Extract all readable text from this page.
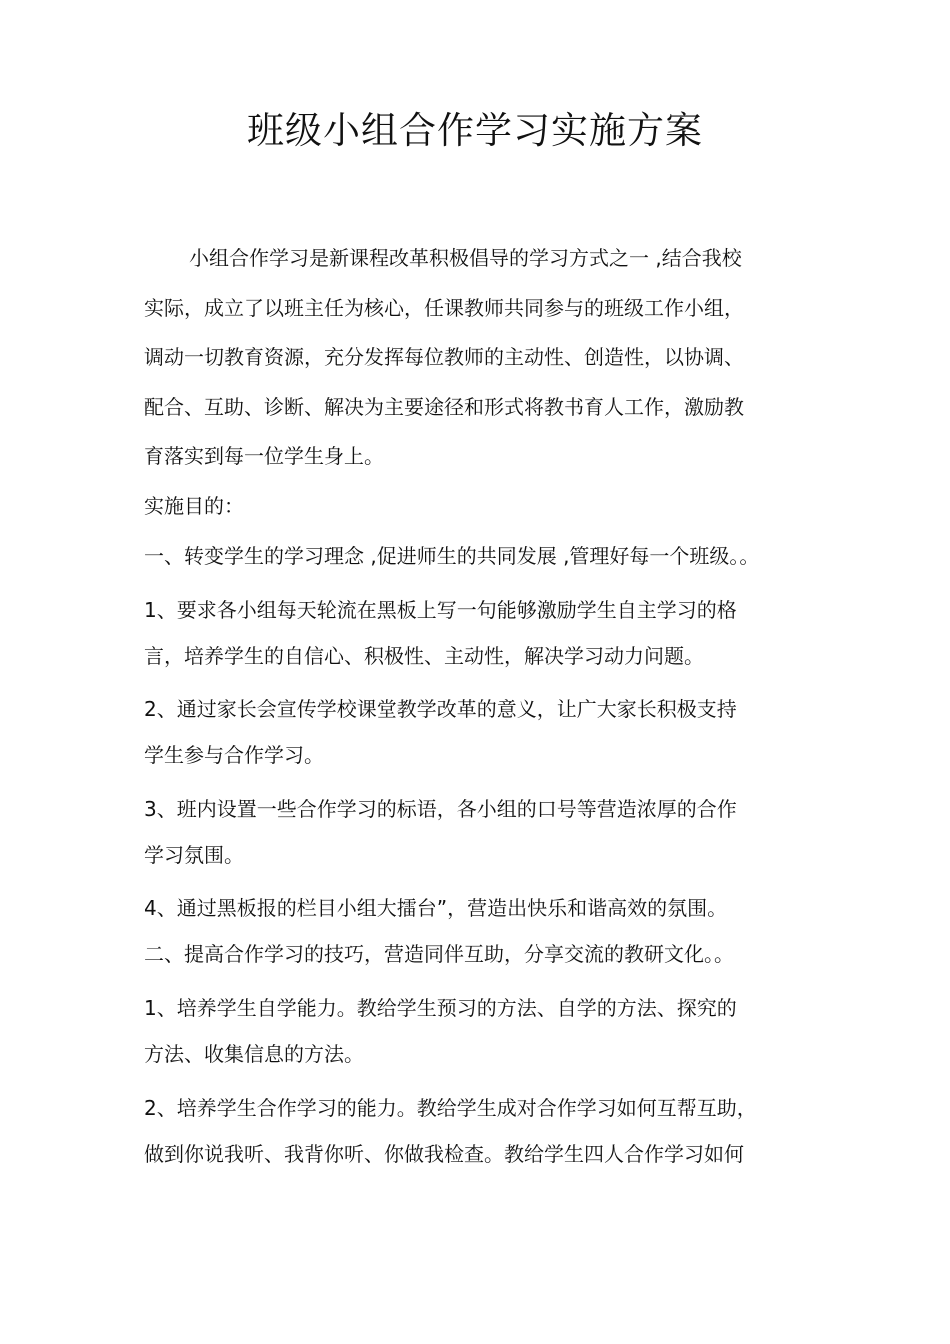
班级小组合作学习实施方案
小组合作学习是新课程改革积极倡导的学习方式之一 ,结合我校
实际，成立了以班主任为核心，任课教师共同参与的班级工作小组，
调动一切教育资源，充分发挥每位教师的主动性、创造性，以协调、
配合、互助、诊断、解决为主要途径和形式将教书育人工作，激励教
育落实到每一位学生身上。
实施目的：
一、转变学生的学习理念 ,促进师生的共同发展 ,管理好每一个班级。。
1、要求各小组每天轮流在黑板上写一句能够激励学生自主学习的格
言，培养学生的自信心、积极性、主动性，解决学习动力问题。
2、通过家长会宣传学校课堂教学改革的意义，让广大家长积极支持
学生参与合作学习。
3、班内设置一些合作学习的标语，各小组的口号等营造浓厚的合作
学习氛围。
4、通过黑板报的栏目小组大擂台”，营造出快乐和谐高效的氛围。
二、提高合作学习的技巧，营造同伴互助，分享交流的教研文化。。
1、培养学生自学能力。教给学生预习的方法、自学的方法、探究的
方法、收集信息的方法。
2、培养学生合作学习的能力。教给学生成对合作学习如何互帮互助，
做到你说我听、我背你听、你做我检查。教给学生四人合作学习如何
